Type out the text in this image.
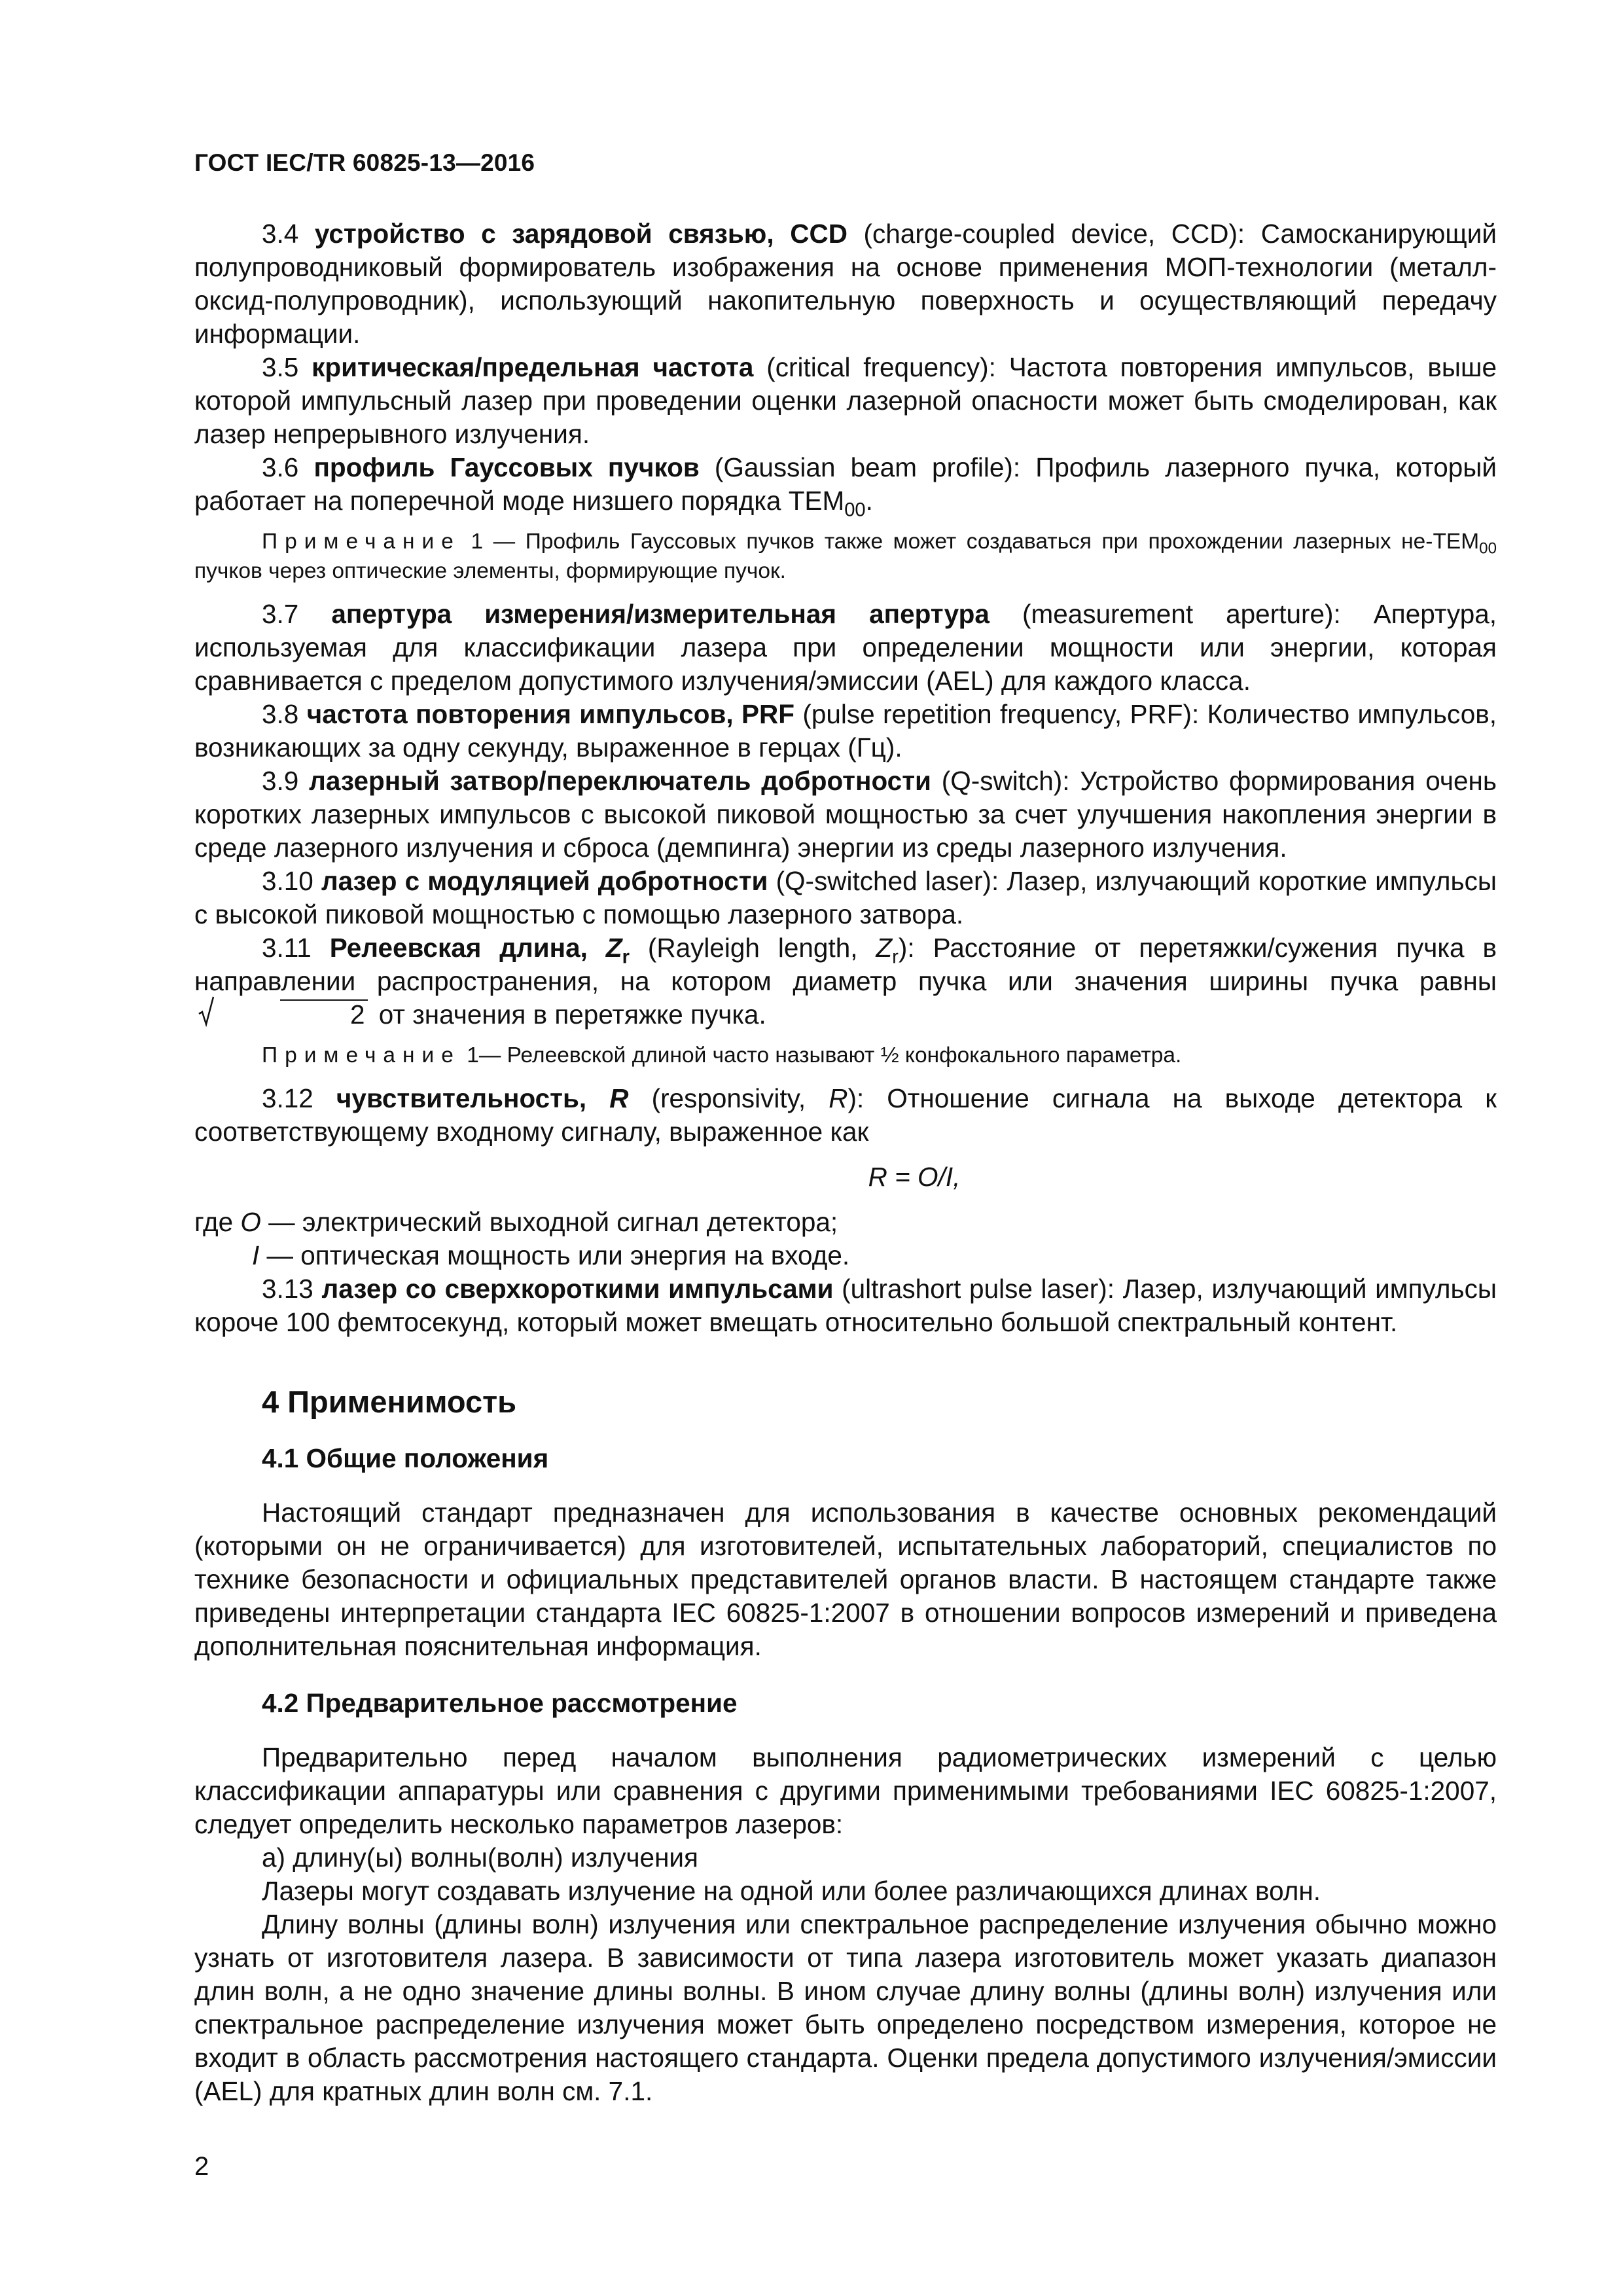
ГОСТ IEC/TR 60825-13—2016

3.4 устройство с зарядовой связью, CCD (charge-coupled device, CCD): Самосканирующий полупроводниковый формирователь изображения на основе применения МОП-технологии (металл-оксид-полупроводник), использующий накопительную поверхность и осуществляющий передачу информации.

3.5 критическая/предельная частота (critical frequency): Частота повторения импульсов, выше которой импульсный лазер при проведении оценки лазерной опасности может быть смоделирован, как лазер непрерывного излучения.

3.6 профиль Гауссовых пучков (Gaussian beam profile): Профиль лазерного пучка, который работает на поперечной моде низшего порядка $TEM_{00}$.

Примечание 1 — Профиль Гауссовых пучков также может создаваться при прохождении лазерных $не-TEM_{00}$ пучков через оптические элементы, формирующие пучок.

3.7 апертура измерения/измерительная апертура (measurement aperture): Апертура, используемая для классификации лазера при определении мощности или энергии, которая сравнивается с пределом допустимого излучения/эмиссии (AEL) для каждого класса.

3.8 частота повторения импульсов, PRF (pulse repetition frequency, PRF): Количество импульсов, возникающих за одну секунду, выраженное в герцах (Гц).

3.9 лазерный затвор/переключатель добротности (Q-switch): Устройство формирования очень коротких лазерных импульсов с высокой пиковой мощностью за счет улучшения накопления энергии в среде лазерного излучения и сброса (демпинга) энергии из среды лазерного излучения.

3.10 лазер с модуляцией добротности (Q-switched laser): Лазер, излучающий короткие импульсы с высокой пиковой мощностью с помощью лазерного затвора.

3.11 Релеевская длина, $Z_r$ (Rayleigh length, $Z_r$): Расстояние от перетяжки/сужения пучка в направлении распространения, на котором диаметр пучка или значения ширины пучка равны
2 от значения в перетяжке пучка.

Примечание 1— Релеевской длиной часто называют ½ конфокального параметра.

3.12 чувствительность, R (responsivity, R): Отношение сигнала на выходе детектора к соответствующему входному сигналу, выраженное как

R = O/I,

где O — электрический выходной сигнал детектора;

I — оптическая мощность или энергия на входе.

3.13 лазер со сверхкороткими импульсами (ultrashort pulse laser): Лазер, излучающий импульсы короче 100 фемтосекунд, который может вмещать относительно большой спектральный контент.

4 Применимость
4.1 Общие положения

Настоящий стандарт предназначен для использования в качестве основных рекомендаций (которыми он не ограничивается) для изготовителей, испытательных лабораторий, специалистов по технике безопасности и официальных представителей органов власти. В настоящем стандарте также приведены интерпретации стандарта IEC 60825-1:2007 в отношении вопросов измерений и приведена дополнительная пояснительная информация.

4.2 Предварительное рассмотрение

Предварительно перед началом выполнения радиометрических измерений с целью классификации аппаратуры или сравнения с другими применимыми требованиями IEC 60825-1:2007, следует определить несколько параметров лазеров:

а) длину(ы) волны(волн) излучения

Лазеры могут создавать излучение на одной или более различающихся длинах волн.

Длину волны (длины волн) излучения или спектральное распределение излучения обычно можно узнать от изготовителя лазера. В зависимости от типа лазера изготовитель может указать диапазон длин волн, а не одно значение длины волны. В ином случае длину волны (длины волн) излучения или спектральное распределение излучения может быть определено посредством измерения, которое не входит в область рассмотрения настоящего стандарта. Оценки предела допустимого излучения/эмиссии (AEL) для кратных длин волн см. 7.1.

2
